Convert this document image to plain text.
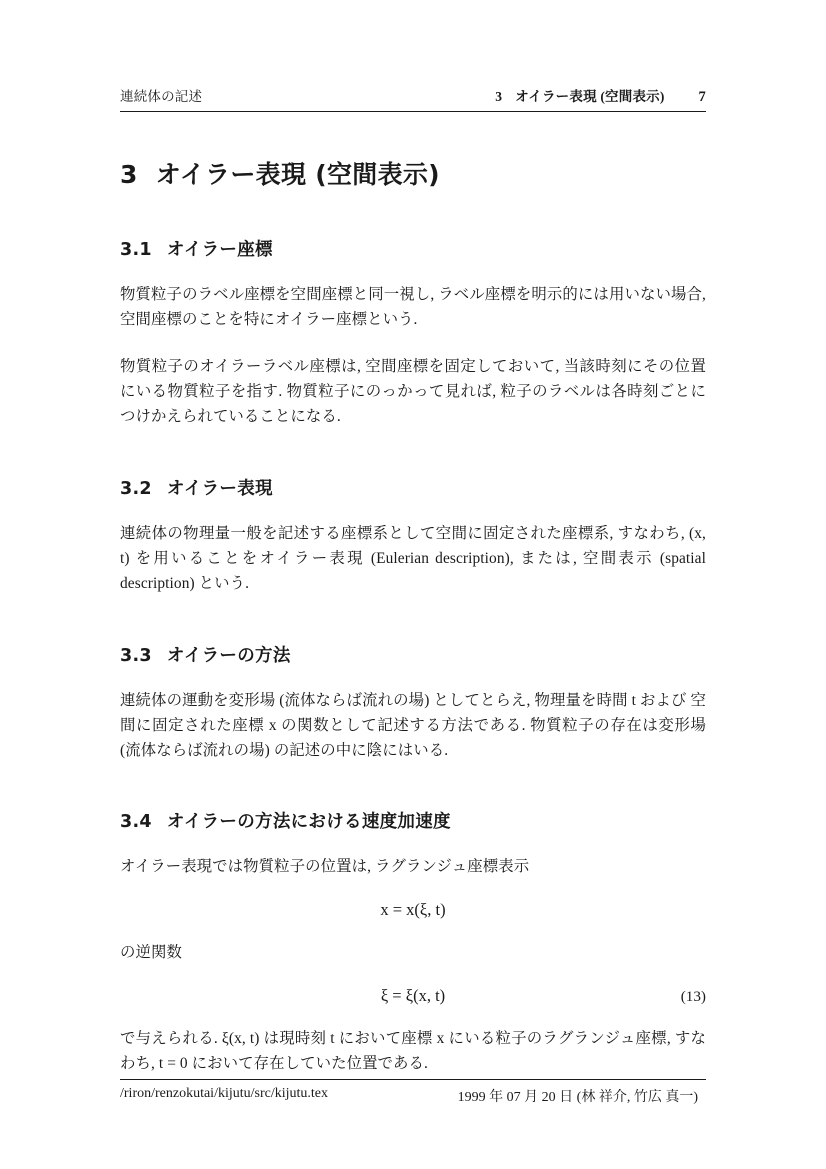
連続体の記述	3 オイラー表現 (空間表示)	7
3 オイラー表現 (空間表示)
3.1 オイラー座標

物質粒子のラベル座標を空間座標と同一視し, ラベル座標を明示的には用いない場合, 空間座標のことを特にオイラー座標という.

物質粒子のオイラーラベル座標は, 空間座標を固定しておいて, 当該時刻にその位置にいる物質粒子を指す. 物質粒子にのっかって見れば, 粒子のラベルは各時刻ごとにつけかえられていることになる.

3.2 オイラー表現

連続体の物理量一般を記述する座標系として空間に固定された座標系, すなわち, (x, t) を用いることをオイラー表現 (Eulerian description), または, 空間表示 (spatial description) という.

3.3 オイラーの方法

連続体の運動を変形場 (流体ならば流れの場) としてとらえ, 物理量を時間 t および 空間に固定された座標 x の関数として記述する方法である. 物質粒子の存在は変形場 (流体ならば流れの場) の記述の中に陰にはいる.

3.4 オイラーの方法における速度加速度

オイラー表現では物質粒子の位置は, ラグランジュ座標表示

x = x(ξ, t)

の逆関数

ξ = ξ(x, t)	(13)

で与えられる. ξ(x, t) は現時刻 t において座標 x にいる粒子のラグランジュ座標, すなわち, t = 0 において存在していた位置である.

/riron/renzokutai/kijutu/src/kijutu.tex	1999 年 07 月 20 日 (林 祥介, 竹広 真一)
